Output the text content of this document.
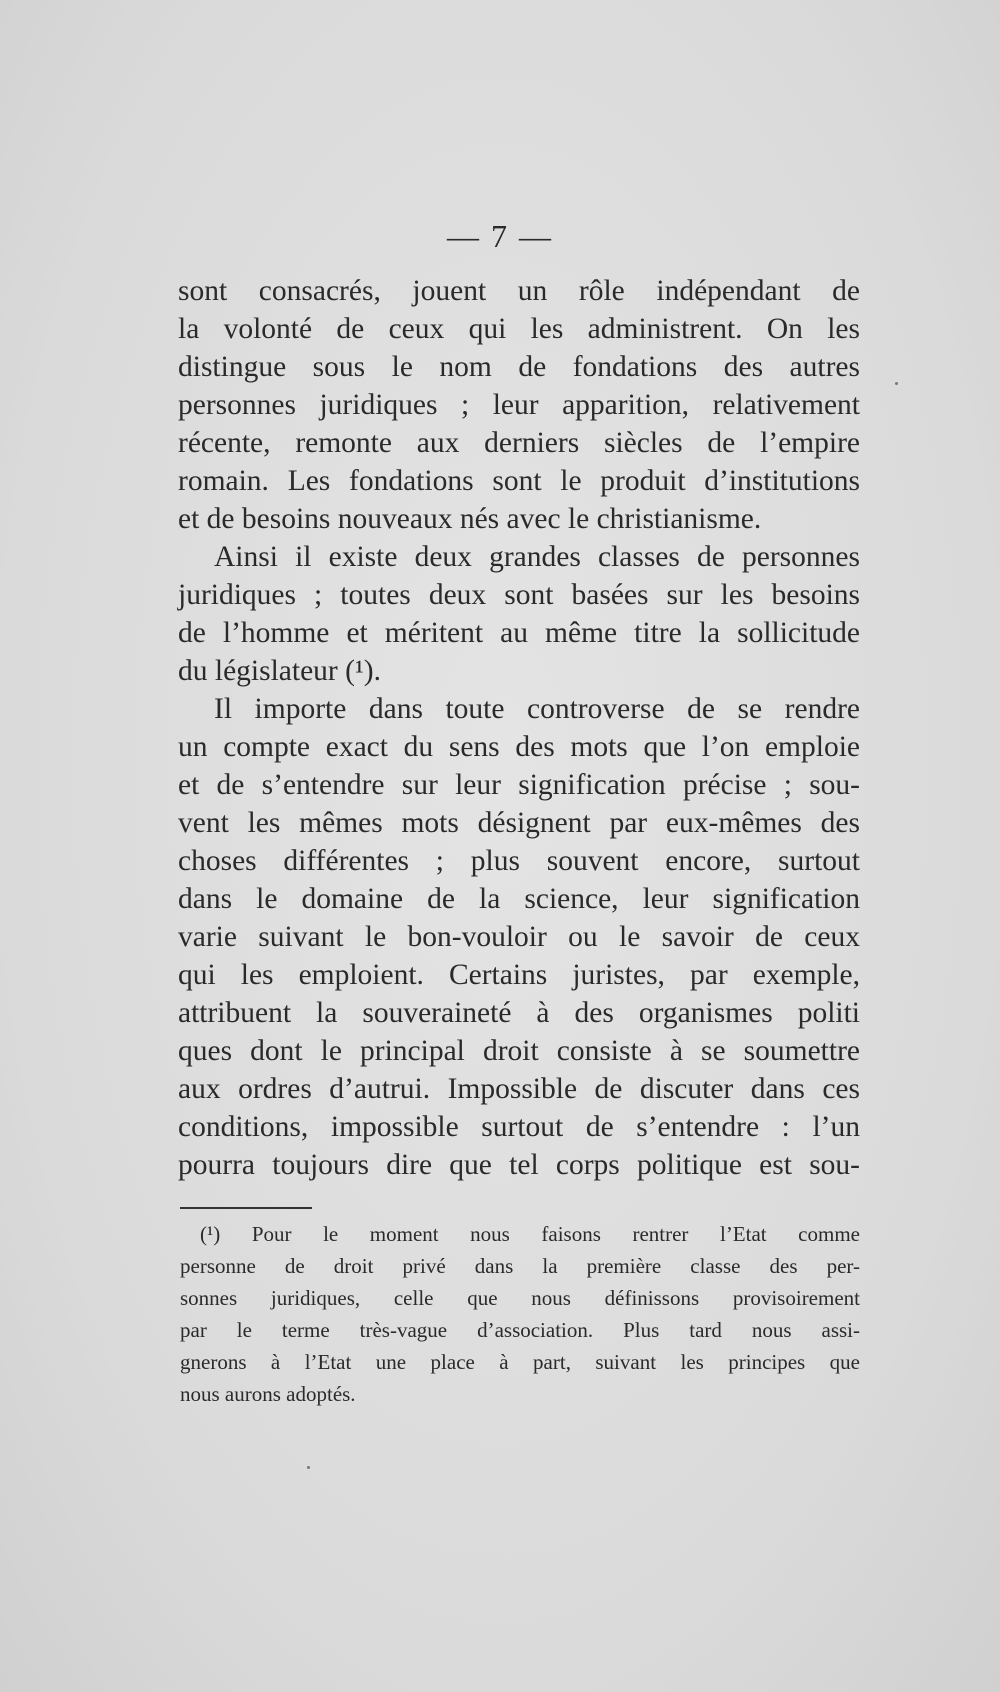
— 7 —
sont consacrés, jouent un rôle indépendant de
la volonté de ceux qui les administrent. On les
distingue sous le nom de fondations des autres
personnes juridiques ; leur apparition, relativement
récente, remonte aux derniers siècles de l’empire
romain. Les fondations sont le produit d’institutions
et de besoins nouveaux nés avec le christianisme.
Ainsi il existe deux grandes classes de personnes
juridiques ; toutes deux sont basées sur les besoins
de l’homme et méritent au même titre la sollicitude
du législateur (¹).
Il importe dans toute controverse de se rendre
un compte exact du sens des mots que l’on emploie
et de s’entendre sur leur signification précise ; sou-
vent les mêmes mots désignent par eux-mêmes des
choses différentes ; plus souvent encore, surtout
dans le domaine de la science, leur signification
varie suivant le bon-vouloir ou le savoir de ceux
qui les emploient. Certains juristes, par exemple,
attribuent la souveraineté à des organismes politi
ques dont le principal droit consiste à se soumettre
aux ordres d’autrui. Impossible de discuter dans ces
conditions, impossible surtout de s’entendre : l’un
pourra toujours dire que tel corps politique est sou-
(¹) Pour le moment nous faisons rentrer l’Etat comme
personne de droit privé dans la première classe des per-
sonnes juridiques, celle que nous définissons provisoirement
par le terme très-vague d’association. Plus tard nous assi-
gnerons à l’Etat une place à part, suivant les principes que
nous aurons adoptés.
